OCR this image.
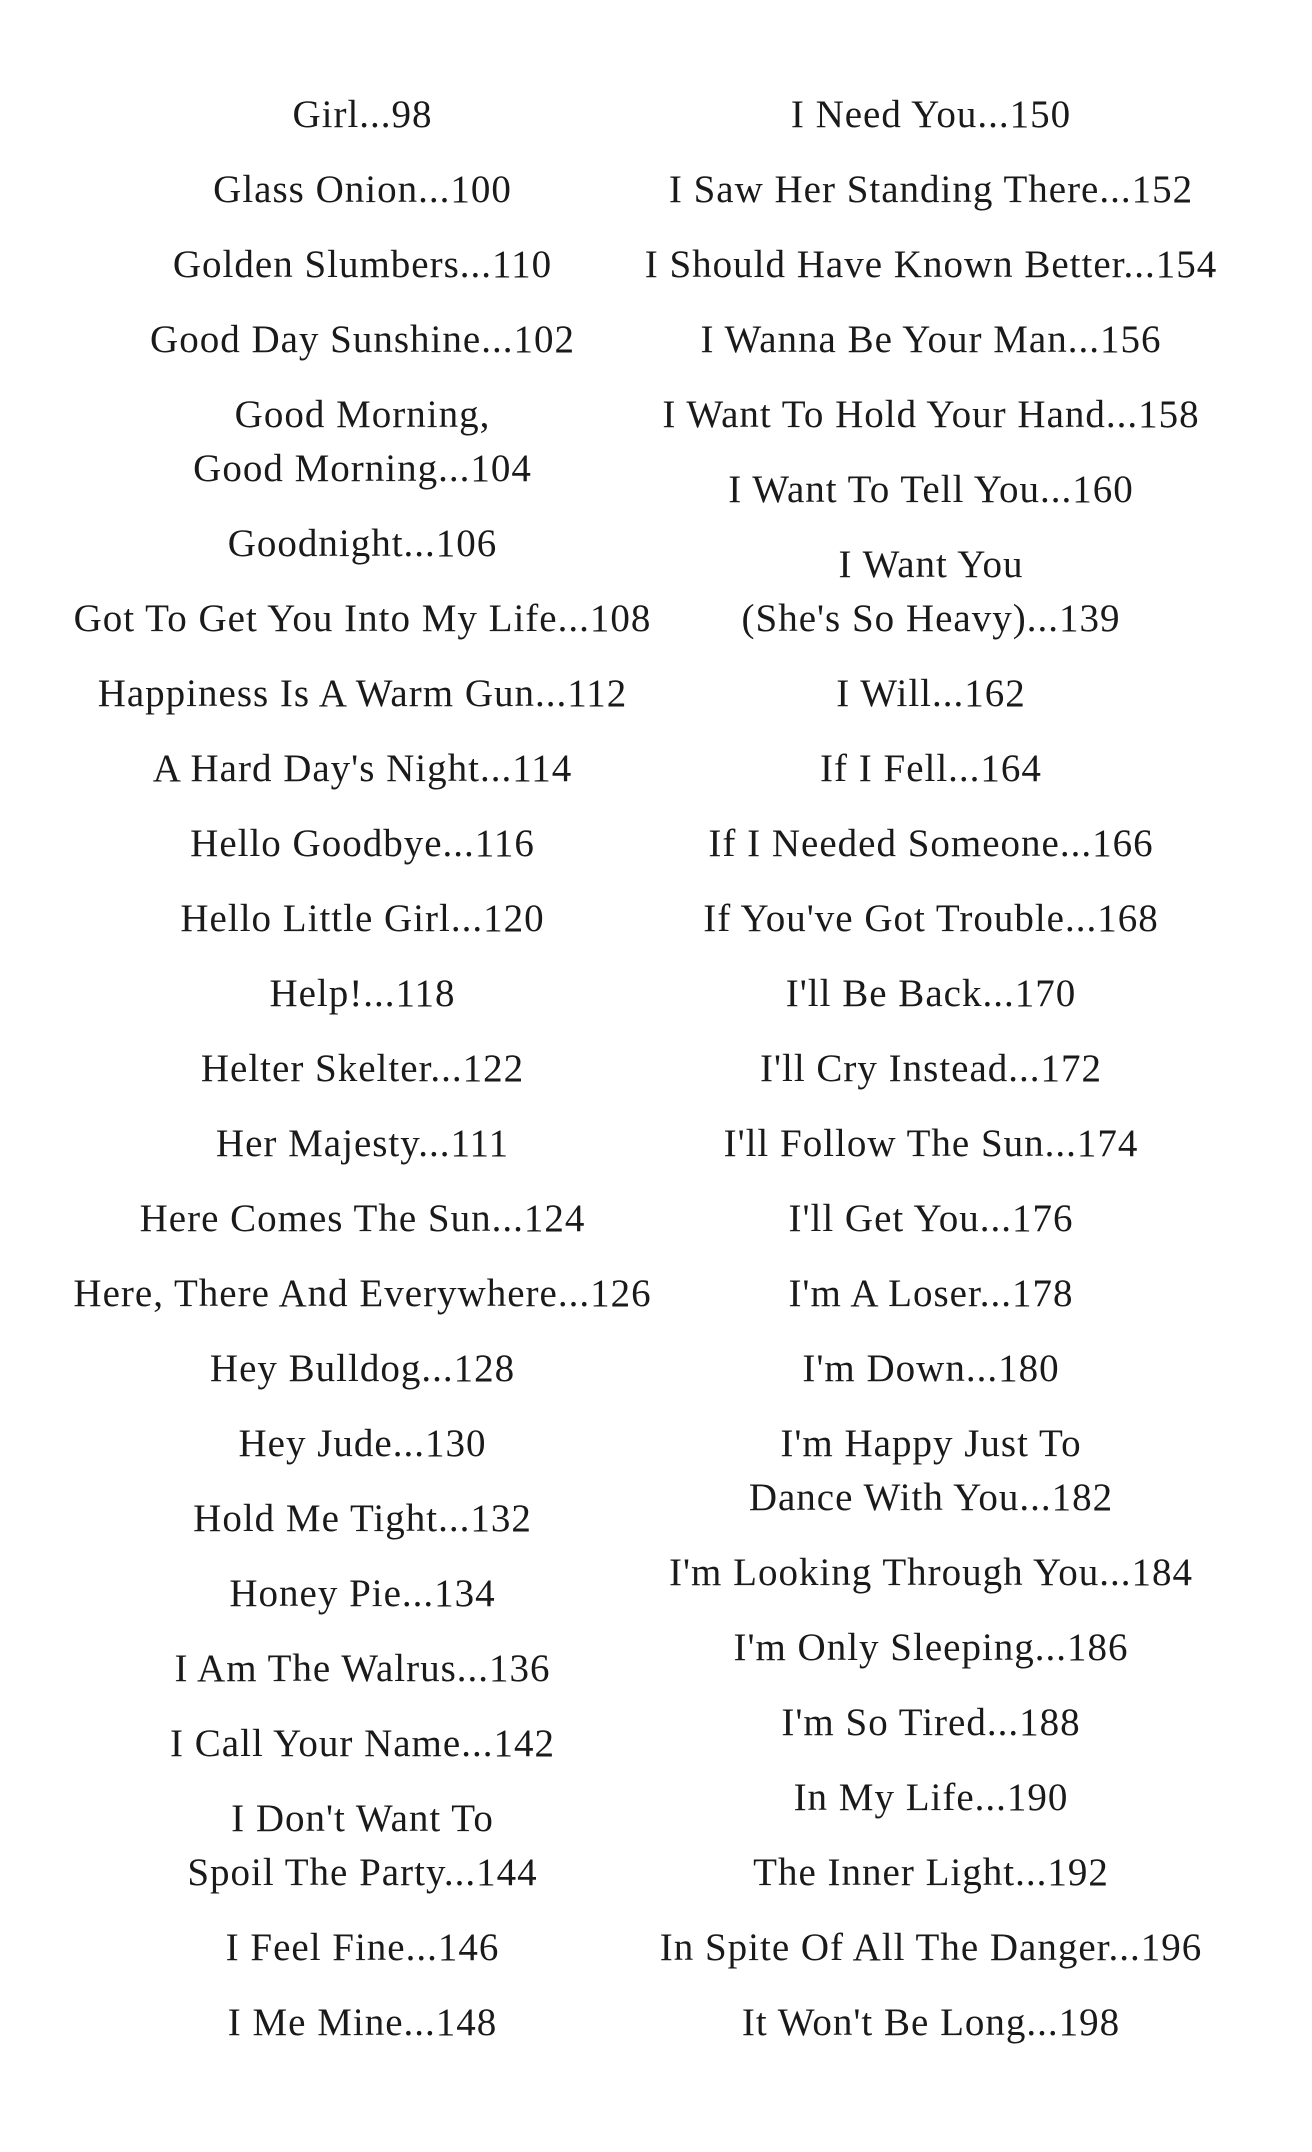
Girl...98
Glass Onion...100
Golden Slumbers...110
Good Day Sunshine...102
Good Morning,
Good Morning...104
Goodnight...106
Got To Get You Into My Life...108
Happiness Is A Warm Gun...112
A Hard Day's Night...114
Hello Goodbye...116
Hello Little Girl...120
Help!...118
Helter Skelter...122
Her Majesty...111
Here Comes The Sun...124
Here, There And Everywhere...126
Hey Bulldog...128
Hey Jude...130
Hold Me Tight...132
Honey Pie...134
I Am The Walrus...136
I Call Your Name...142
I Don't Want To
Spoil The Party...144
I Feel Fine...146
I Me Mine...148
I Need You...150
I Saw Her Standing There...152
I Should Have Known Better...154
I Wanna Be Your Man...156
I Want To Hold Your Hand...158
I Want To Tell You...160
I Want You
(She's So Heavy)...139
I Will...162
If I Fell...164
If I Needed Someone...166
If You've Got Trouble...168
I'll Be Back...170
I'll Cry Instead...172
I'll Follow The Sun...174
I'll Get You...176
I'm A Loser...178
I'm Down...180
I'm Happy Just To
Dance With You...182
I'm Looking Through You...184
I'm Only Sleeping...186
I'm So Tired...188
In My Life...190
The Inner Light...192
In Spite Of All The Danger...196
It Won't Be Long...198
